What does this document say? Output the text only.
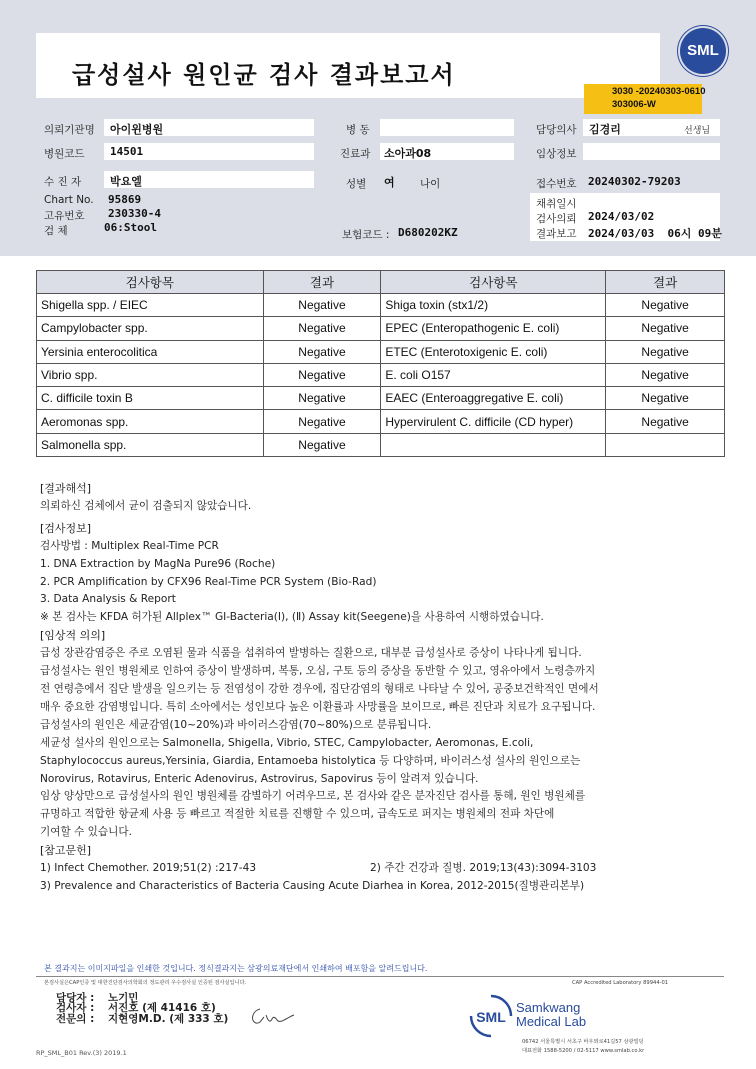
급성설사 원인균 검사 결과보고서
SML
3030 -20240303-0610
303006-W
의뢰기관명 아이윈병원	병 동	담당의사 김경리	선생님
병원코드 14501	진료과 소아과08	임상정보
수 진 자	박요엘	성별 여 나이	접수번호 20240302-79203
Chart No. 95869
고유번호 230330-4
검 체	06:Stool
보험코드 : D680202KZ
채취일시
검사의뢰 2024/03/02
결과보고 2024/03/03  06시 09분
검사항목	결과	검사항목	결과
Shigella spp. / EIEC	Negative	Shiga toxin (stx1/2)	Negative
Campylobacter spp.	Negative	EPEC (Enteropathogenic E. coli)	Negative
Yersinia enterocolitica	Negative	ETEC (Enterotoxigenic E. coli)	Negative
Vibrio spp.	Negative	E. coli O157	Negative
C. difficile toxin B	Negative	EAEC (Enteroaggregative E. coli)	Negative
Aeromonas spp.	Negative	Hypervirulent C. difficile (CD hyper)	Negative
Salmonella spp.	Negative		
[결과해석]
의뢰하신 검체에서 균이 검출되지 않았습니다.
[검사정보]
검사방법 : Multiplex Real-Time PCR
1. DNA Extraction by MagNa Pure96 (Roche)
2. PCR Amplification by CFX96 Real-Time PCR System (Bio-Rad)
3. Data Analysis & Report
※ 본 검사는 KFDA 허가된 Allplex™ GI-Bacteria(Ⅰ), (Ⅱ) Assay kit(Seegene)을 사용하여 시행하였습니다.
[임상적 의의]
급성 장관감염증은 주로 오염된 물과 식품을 섭취하여 발병하는 질환으로, 대부분 급성설사로 증상이 나타나게 됩니다.
급성설사는 원인 병원체로 인하여 증상이 발생하며, 복통, 오심, 구토 등의 증상을 동반할 수 있고, 영유아에서 노령층까지
전 연령층에서 집단 발생을 일으키는 등 전염성이 강한 경우에, 집단감염의 형태로 나타날 수 있어, 공중보건학적인 면에서
매우 중요한 감염병입니다. 특히 소아에서는 성인보다 높은 이환률과 사망률을 보이므로, 빠른 진단과 치료가 요구됩니다.
급성설사의 원인은 세균감염(10~20%)과 바이러스감염(70~80%)으로 분류됩니다.
세균성 설사의 원인으로는 Salmonella, Shigella, Vibrio, STEC, Campylobacter, Aeromonas, E.coli,
Staphylococcus aureus,Yersinia, Giardia, Entamoeba histolytica 등 다양하며, 바이러스성 설사의 원인으로는
Norovirus, Rotavirus, Enteric Adenovirus, Astrovirus, Sapovirus 등이 알려져 있습니다.
임상 양상만으로 급성설사의 원인 병원체를 감별하기 어려우므로, 본 검사와 같은 분자진단 검사를 통해, 원인 병원체를
규명하고 적합한 항균제 사용 등 빠르고 적절한 치료를 진행할 수 있으며, 급속도로 퍼지는 병원체의 전파 차단에
기여할 수 있습니다.
[참고문헌]
1) Infect Chemother. 2019;51(2) :217-43	2) 주간 건강과 질병. 2019;13(43):3094-3103
3) Prevalence and Characteristics of Bacteria Causing Acute Diarhea in Korea, 2012-2015(질병관리본부)
본 결과지는 이미지파일을 인쇄한 것입니다. 정식결과지는 삼광의료재단에서 인쇄하여 배포함을 알려드립니다.
본검사실은CAP인증 및 대한진단검사의학회의 정도관리 우수검사실 인증된 검사실입니다.	CAP Accredited Laboratory 89944-01
담당자 : 노기민
검사자 : 서진호 (제 41416 호)
전문의 : 지현영M.D. (제 333 호)	SML
Samkwang
Medical Lab
06742 서울특별시 서초구 바우뫼로41길57 삼광빌딩
대표전화 1588-5200 / 02-5117 www.smlab.co.kr
RP_SML_B01 Rev.(3) 2019.1
